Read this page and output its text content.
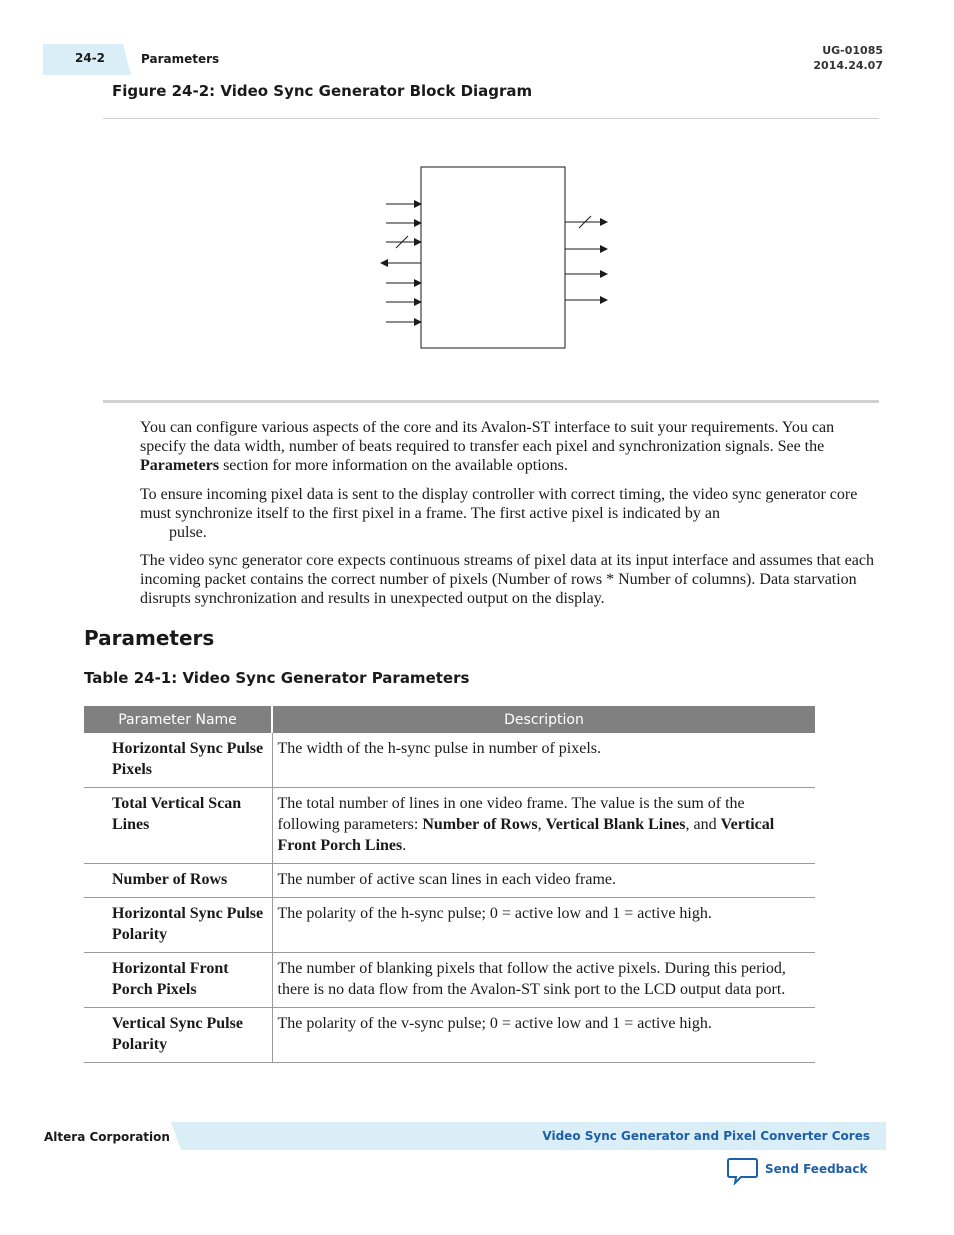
24-2	Parameters
UG-01085
2014.24.07
Figure 24-2: Video Sync Generator Block Diagram
You can configure various aspects of the core and its Avalon-ST interface to suit your requirements. You can specify the data width, number of beats required to transfer each pixel and synchronization signals. See the Parameters section for more information on the available options.
To ensure incoming pixel data is sent to the display controller with correct timing, the video sync generator core must synchronize itself to the first pixel in a frame. The first active pixel is indicated by an
pulse.
The video sync generator core expects continuous streams of pixel data at its input interface and assumes that each incoming packet contains the correct number of pixels (Number of rows * Number of columns). Data starvation disrupts synchronization and results in unexpected output on the display.
Parameters
Table 24-1: Video Sync Generator Parameters
Parameter Name	Description
Horizontal Sync Pulse Pixels	The width of the h-sync pulse in number of pixels.
Total Vertical Scan Lines	The total number of lines in one video frame. The value is the sum of the following parameters: Number of Rows, Vertical Blank Lines, and Vertical Front Porch Lines.
Number of Rows	The number of active scan lines in each video frame.
Horizontal Sync Pulse Polarity	The polarity of the h-sync pulse; 0 = active low and 1 = active high.
Horizontal Front Porch Pixels	The number of blanking pixels that follow the active pixels. During this period, there is no data flow from the Avalon-ST sink port to the LCD output data port.
Vertical Sync Pulse Polarity	The polarity of the v-sync pulse; 0 = active low and 1 = active high.
Altera Corporation	Video Sync Generator and Pixel Converter Cores
Send Feedback
